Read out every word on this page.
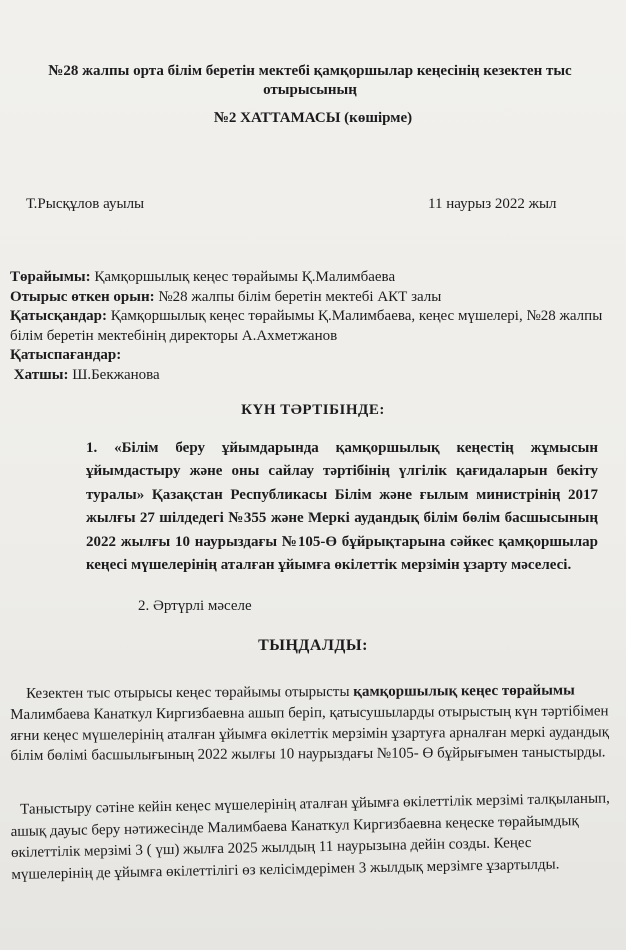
№28 жалпы орта білім беретін мектебі қамқоршылар кеңесінің кезектен тыс отырысының

№2 ХАТТАМАСЫ (көшірме)

Т.Рысқұлов ауылы	11 наурыз 2022 жыл

Төрайымы: Қамқоршылық кеңес төрайымы Қ.Малимбаева
Отырыс өткен орын: №28 жалпы білім беретін мектебі АКТ залы
Қатысқандар: Қамқоршылық кеңес төрайымы Қ.Малимбаева, кеңес мүшелері, №28 жалпы білім беретін мектебінің директоры А.Ахметжанов
Қатыспағандар:
Хатшы: Ш.Бекжанова

КҮН ТӘРТІБІНДЕ:

1. «Білім беру ұйымдарында қамқоршылық кеңестің жұмысын ұйымдастыру және оны сайлау тәртібінің үлгілік қағидаларын бекіту туралы» Қазақстан Республикасы Білім және ғылым министрінің 2017 жылғы 27 шілдедегі №355 және Меркі аудандық білім бөлім басшысының 2022 жылғы 10 наурыздағы №105-Ө бұйрықтарына сәйкес қамқоршылар кеңесі мүшелерінің аталған ұйымға өкілеттік мерзімін ұзарту мәселесі.

2. Әртүрлі мәселе

ТЫҢДАЛДЫ:

Кезектен тыс отырысы кеңес төрайымы отырысты қамқоршылық кеңес төрайымы Малимбаева Канаткул Киргизбаевна ашып беріп, қатысушыларды отырыстың күн тәртібімен яғни кеңес мүшелерінің аталған ұйымға өкілеттік мерзімін ұзартуға арналған меркі аудандық білім бөлімі басшылығының 2022 жылғы 10 наурыздағы №105- Ө бұйрығымен таныстырды.

Таныстыру сәтіне кейін кеңес мүшелерінің аталған ұйымға өкілеттілік мерзімі талқыланып, ашық дауыс беру нәтижесінде Малимбаева Канаткул Киргизбаевна кеңеске төрайымдық өкілеттілік мерзімі 3 ( үш) жылға 2025 жылдың 11 наурызына дейін созды. Кеңес мүшелерінің де ұйымға өкілеттілігі өз келісімдерімен 3 жылдық мерзімге ұзартылды.
